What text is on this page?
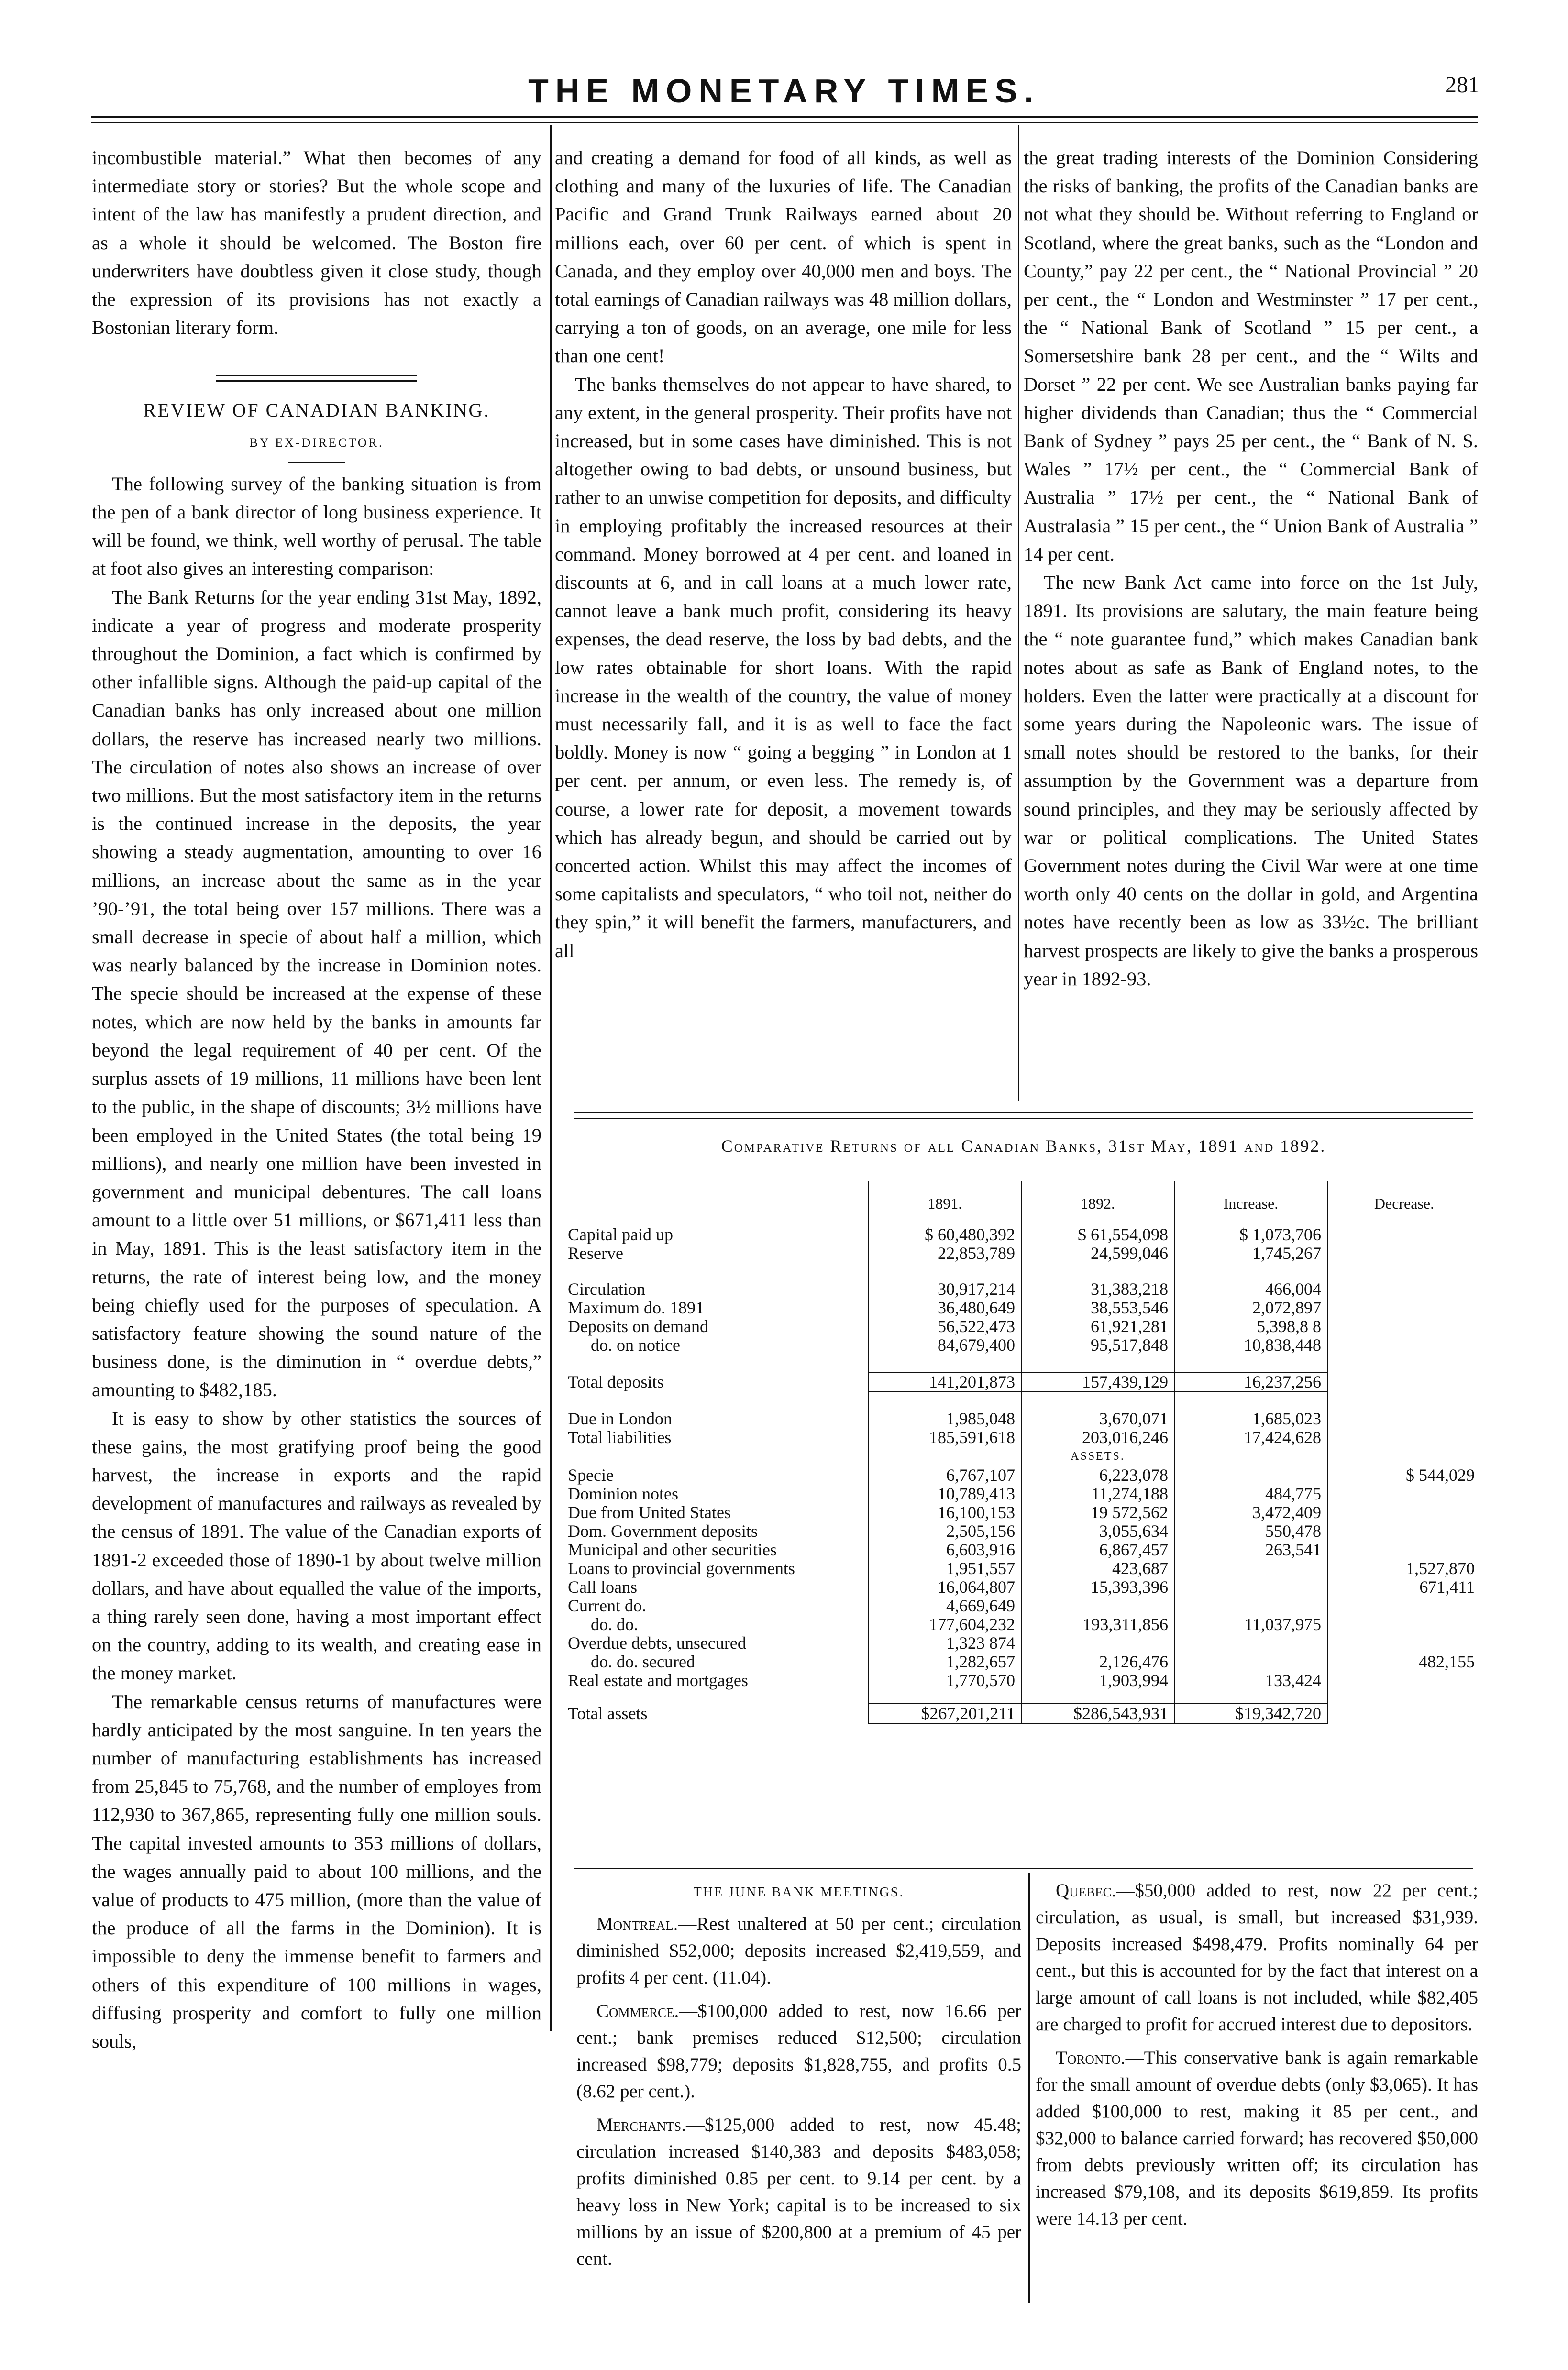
THE MONETARY TIMES.	281

incombustible material.” What then becomes of any intermediate story or stories? But the whole scope and intent of the law has manifestly a prudent direction, and as a whole it should be welcomed. The Boston fire underwriters have doubtless given it close study, though the expression of its provisions has not exactly a Bostonian literary form.

REVIEW OF CANADIAN BANKING.
BY EX-DIRECTOR.

The following survey of the banking situation is from the pen of a bank director of long business experience. It will be found, we think, well worthy of perusal. The table at foot also gives an interesting comparison:

The Bank Returns for the year ending 31st May, 1892, indicate a year of progress and moderate prosperity throughout the Dominion, a fact which is confirmed by other infallible signs. Although the paid-up capital of the Canadian banks has only increased about one million dollars, the reserve has increased nearly two millions. The circulation of notes also shows an increase of over two millions. But the most satisfactory item in the returns is the continued increase in the deposits, the year showing a steady augmentation, amounting to over 16 millions, an increase about the same as in the year ’90-’91, the total being over 157 millions. There was a small decrease in specie of about half a million, which was nearly balanced by the increase in Dominion notes. The specie should be increased at the expense of these notes, which are now held by the banks in amounts far beyond the legal requirement of 40 per cent. Of the surplus assets of 19 millions, 11 millions have been lent to the public, in the shape of discounts; 3½ millions have been employed in the United States (the total being 19 millions), and nearly one million have been invested in government and municipal debentures. The call loans amount to a little over 51 millions, or $671,411 less than in May, 1891. This is the least satisfactory item in the returns, the rate of interest being low, and the money being chiefly used for the purposes of speculation. A satisfactory feature showing the sound nature of the business done, is the diminution in “ overdue debts,” amounting to $482,185.

It is easy to show by other statistics the sources of these gains, the most gratifying proof being the good harvest, the increase in exports and the rapid development of manufactures and railways as revealed by the census of 1891. The value of the Canadian exports of 1891-2 exceeded those of 1890-1 by about twelve million dollars, and have about equalled the value of the imports, a thing rarely seen done, having a most important effect on the country, adding to its wealth, and creating ease in the money market.

The remarkable census returns of manufactures were hardly anticipated by the most sanguine. In ten years the number of manufacturing establishments has increased from 25,845 to 75,768, and the number of employes from 112,930 to 367,865, representing fully one million souls. The capital invested amounts to 353 millions of dollars, the wages annually paid to about 100 millions, and the value of products to 475 million, (more than the value of the produce of all the farms in the Dominion). It is impossible to deny the immense benefit to farmers and others of this expenditure of 100 millions in wages, diffusing prosperity and comfort to fully one million souls,

and creating a demand for food of all kinds, as well as clothing and many of the luxuries of life. The Canadian Pacific and Grand Trunk Railways earned about 20 millions each, over 60 per cent. of which is spent in Canada, and they employ over 40,000 men and boys. The total earnings of Canadian railways was 48 million dollars, carrying a ton of goods, on an average, one mile for less than one cent!

The banks themselves do not appear to have shared, to any extent, in the general prosperity. Their profits have not increased, but in some cases have diminished. This is not altogether owing to bad debts, or unsound business, but rather to an unwise competition for deposits, and difficulty in employing profitably the increased resources at their command. Money borrowed at 4 per cent. and loaned in discounts at 6, and in call loans at a much lower rate, cannot leave a bank much profit, considering its heavy expenses, the dead reserve, the loss by bad debts, and the low rates obtainable for short loans. With the rapid increase in the wealth of the country, the value of money must necessarily fall, and it is as well to face the fact boldly. Money is now “ going a begging ” in London at 1 per cent. per annum, or even less. The remedy is, of course, a lower rate for deposit, a movement towards which has already begun, and should be carried out by concerted action. Whilst this may affect the incomes of some capitalists and speculators, “ who toil not, neither do they spin,” it will benefit the farmers, manufacturers, and all

the great trading interests of the Dominion Considering the risks of banking, the profits of the Canadian banks are not what they should be. Without referring to England or Scotland, where the great banks, such as the “London and County,” pay 22 per cent., the “ National Provincial ” 20 per cent., the “ London and Westminster ” 17 per cent., the “ National Bank of Scotland ” 15 per cent., a Somersetshire bank 28 per cent., and the “ Wilts and Dorset ” 22 per cent. We see Australian banks paying far higher dividends than Canadian; thus the “ Commercial Bank of Sydney ” pays 25 per cent., the “ Bank of N. S. Wales ” 17½ per cent., the “ Commercial Bank of Australia ” 17½ per cent., the “ National Bank of Australasia ” 15 per cent., the “ Union Bank of Australia ” 14 per cent.

The new Bank Act came into force on the 1st July, 1891. Its provisions are salutary, the main feature being the “ note guarantee fund,” which makes Canadian bank notes about as safe as Bank of England notes, to the holders. Even the latter were practically at a discount for some years during the Napoleonic wars. The issue of small notes should be restored to the banks, for their assumption by the Government was a departure from sound principles, and they may be seriously affected by war or political complications. The United States Government notes during the Civil War were at one time worth only 40 cents on the dollar in gold, and Argentina notes have recently been as low as 33½c. The brilliant harvest prospects are likely to give the banks a prosperous year in 1892-93.

Comparative Returns of all Canadian Banks, 31st May, 1891 and 1892.
	1891.	1892.	Increase.	Decrease.
Capital paid up	$ 60,480,392	$ 61,554,098	$ 1,073,706	
Reserve	22,853,789	24,599,046	1,745,267	

Circulation	30,917,214	31,383,218	466,004	
Maximum do. 1891	36,480,649	38,553,546	2,072,897	
Deposits on demand	56,522,473	61,921,281	5,398,8 8	
do. on notice	84,679,400	95,517,848	10,838,448	

Total deposits	141,201,873	157,439,129	16,237,256	

Due in London	1,985,048	3,670,071	1,685,023	
Total liabilities	185,591,618	203,016,246	17,424,628	
		ASSETS.		
Specie	6,767,107	6,223,078		$ 544,029
Dominion notes	10,789,413	11,274,188	484,775	
Due from United States	16,100,153	19 572,562	3,472,409	
Dom. Government deposits	2,505,156	3,055,634	550,478	
Municipal and other securities	6,603,916	6,867,457	263,541	
Loans to provincial governments	1,951,557	423,687		1,527,870
Call loans	16,064,807	15,393,396		671,411
Current do.	4,669,649			
do. do.	177,604,232	193,311,856	11,037,975	
Overdue debts, unsecured	1,323 874			
do. do. secured	1,282,657	2,126,476		482,155
Real estate and mortgages	1,770,570	1,903,994	133,424	

Total assets	$267,201,211	$286,543,931	$19,342,720	
THE JUNE BANK MEETINGS.

Montreal.—Rest unaltered at 50 per cent.; circulation diminished $52,000; deposits increased $2,419,559, and profits 4 per cent. (11.04).

Commerce.—$100,000 added to rest, now 16.66 per cent.; bank premises reduced $12,500; circulation increased $98,779; deposits $1,828,755, and profits 0.5 (8.62 per cent.).

Merchants.—$125,000 added to rest, now 45.48; circulation increased $140,383 and deposits $483,058; profits diminished 0.85 per cent. to 9.14 per cent. by a heavy loss in New York; capital is to be increased to six millions by an issue of $200,800 at a premium of 45 per cent.

Quebec.—$50,000 added to rest, now 22 per cent.; circulation, as usual, is small, but increased $31,939. Deposits increased $498,479. Profits nominally 64 per cent., but this is accounted for by the fact that interest on a large amount of call loans is not included, while $82,405 are charged to profit for accrued interest due to depositors.

Toronto.—This conservative bank is again remarkable for the small amount of overdue debts (only $3,065). It has added $100,000 to rest, making it 85 per cent., and $32,000 to balance carried forward; has recovered $50,000 from debts previously written off; its circulation has increased $79,108, and its deposits $619,859. Its profits were 14.13 per cent.
